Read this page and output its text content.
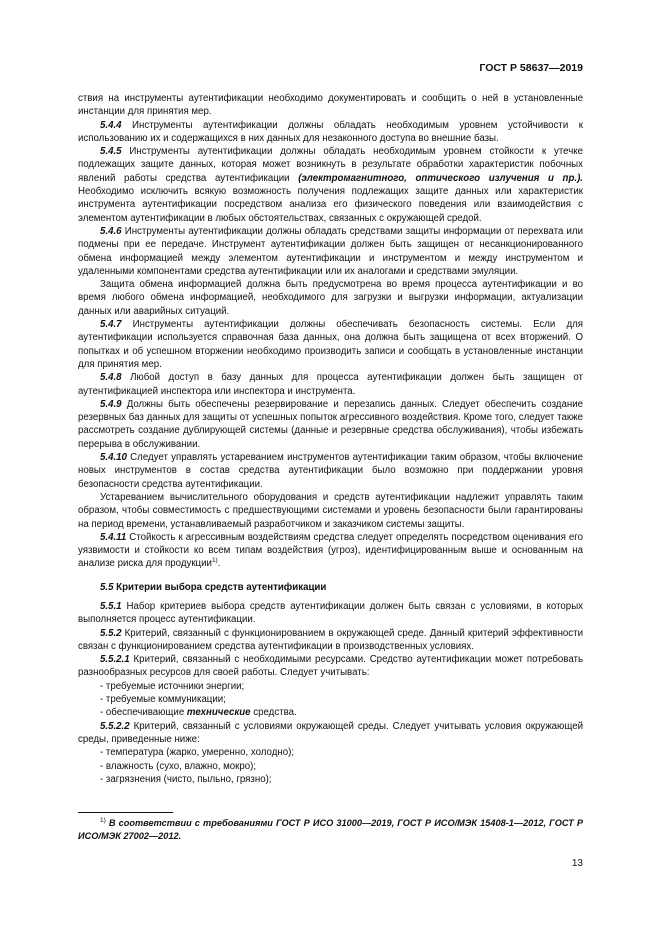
ГОСТ Р 58637—2019

ствия на инструменты аутентификации необходимо документировать и сообщить о ней в установленные инстанции для принятия мер.

5.4.4 Инструменты аутентификации должны обладать необходимым уровнем устойчивости к использованию их и содержащихся в них данных для незаконного доступа во внешние базы.

5.4.5 Инструменты аутентификации должны обладать необходимым уровнем стойкости к утечке подлежащих защите данных, которая может возникнуть в результате обработки характеристик побочных явлений работы средства аутентификации (электромагнитного, оптического излучения и пр.). Необходимо исключить всякую возможность получения подлежащих защите данных или характеристик инструмента аутентификации посредством анализа его физического поведения или взаимодействия с элементом аутентификации в любых обстоятельствах, связанных с окружающей средой.

5.4.6 Инструменты аутентификации должны обладать средствами защиты информации от перехвата или подмены при ее передаче. Инструмент аутентификации должен быть защищен от несанкционированного обмена информацией между элементом аутентификации и инструментом и между инструментом и удаленными компонентами средства аутентификации или их аналогами и средствами эмуляции.

Защита обмена информацией должна быть предусмотрена во время процесса аутентификации и во время любого обмена информацией, необходимого для загрузки и выгрузки информации, актуализации данных или аварийных ситуаций.

5.4.7 Инструменты аутентификации должны обеспечивать безопасность системы. Если для аутентификации используется справочная база данных, она должна быть защищена от всех вторжений. О попытках и об успешном вторжении необходимо производить записи и сообщать в установленные инстанции для принятия мер.

5.4.8 Любой доступ в базу данных для процесса аутентификации должен быть защищен от аутентификацией инспектора или инспектора и инструмента.

5.4.9 Должны быть обеспечены резервирование и перезапись данных. Следует обеспечить создание резервных баз данных для защиты от успешных попыток агрессивного воздействия. Кроме того, следует также рассмотреть создание дублирующей системы (данные и резервные средства обслуживания), чтобы избежать перерыва в обслуживании.

5.4.10 Следует управлять устареванием инструментов аутентификации таким образом, чтобы включение новых инструментов в состав средства аутентификации было возможно при поддержании уровня безопасности средства аутентификации.

Устареванием вычислительного оборудования и средств аутентификации надлежит управлять таким образом, чтобы совместимость с предшествующими системами и уровень безопасности были гарантированы на период времени, устанавливаемый разработчиком и заказчиком системы защиты.

5.4.11 Стойкость к агрессивным воздействиям средства следует определять посредством оценивания его уязвимости и стойкости ко всем типам воздействия (угроз), идентифицированным выше и основанным на анализе риска для продукции$^{1)}$.

5.5 Критерии выбора средств аутентификации

5.5.1 Набор критериев выбора средств аутентификации должен быть связан с условиями, в которых выполняется процесс аутентификации.

5.5.2 Критерий, связанный с функционированием в окружающей среде. Данный критерий эффективности связан с функционированием средства аутентификации в производственных условиях.

5.5.2.1 Критерий, связанный с необходимыми ресурсами. Средство аутентификации может потребовать разнообразных ресурсов для своей работы. Следует учитывать:

- требуемые источники энергии;

- требуемые коммуникации;

- обеспечивающие технические средства.

5.5.2.2 Критерий, связанный с условиями окружающей среды. Следует учитывать условия окружающей среды, приведенные ниже:

- температура (жарко, умеренно, холодно);

- влажность (сухо, влажно, мокро);

- загрязнения (чисто, пыльно, грязно);

$^{1)}$ В соответствии с требованиями ГОСТ Р ИСО 31000—2019, ГОСТ Р ИСО/МЭК 15408-1—2012, ГОСТ Р ИСО/МЭК 27002—2012.
13
